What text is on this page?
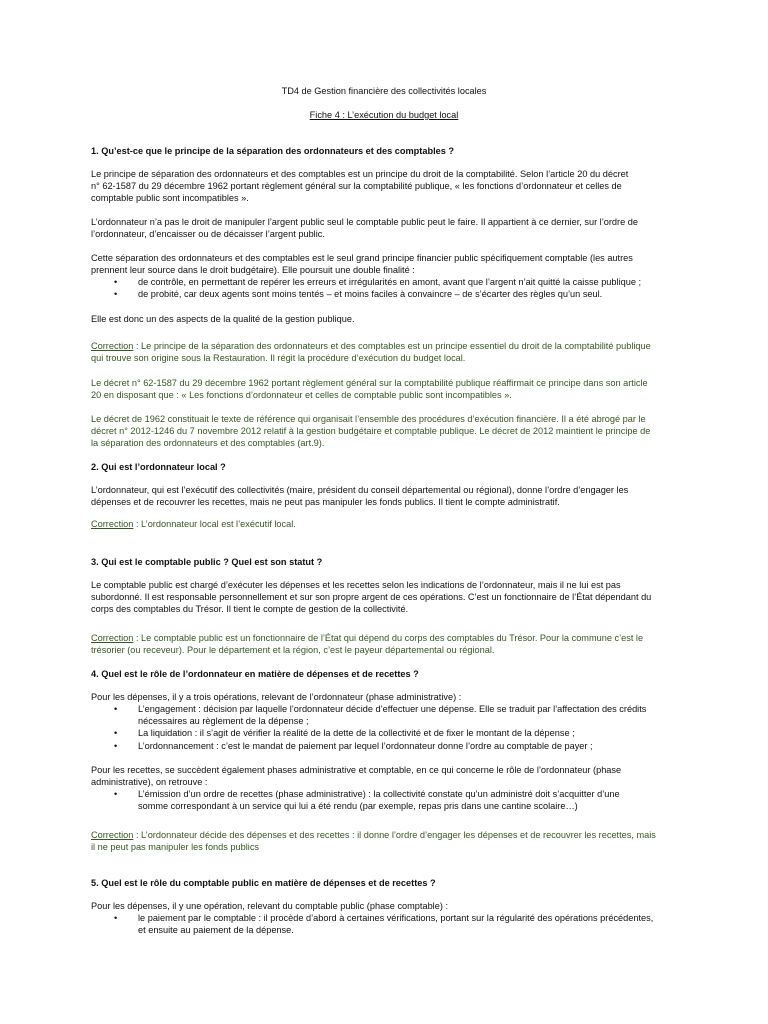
TD4 de Gestion financière des collectivités locales
Fiche 4 : L’exécution du budget local
1. Qu’est-ce que le principe de la séparation des ordonnateurs et des comptables ?
Le principe de séparation des ordonnateurs et des comptables est un principe du droit de la comptabilité. Selon l’article 20 du décret
n° 62-1587 du 29 décembre 1962 portant règlement général sur la comptabilité publique, « les fonctions d’ordonnateur et celles de
comptable public sont incompatibles ».
L’ordonnateur n’a pas le droit de manipuler l’argent public seul le comptable public peut le faire. Il appartient à ce dernier, sur l’ordre de
l’ordonnateur, d’encaisser ou de décaisser l’argent public.
Cette séparation des ordonnateurs et des comptables est le seul grand principe financier public spécifiquement comptable (les autres
prennent leur source dans le droit budgétaire). Elle poursuit une double finalité :
• de contrôle, en permettant de repérer les erreurs et irrégularités en amont, avant que l’argent n’ait quitté la caisse publique ;
• de probité, car deux agents sont moins tentés – et moins faciles à convaincre – de s’écarter des règles qu’un seul.
Elle est donc un des aspects de la qualité de la gestion publique.
Correction : Le principe de la séparation des ordonnateurs et des comptables est un principe essentiel du droit de la comptabilité publique
qui trouve son origine sous la Restauration. Il régit la procédure d’exécution du budget local.
Le décret n° 62-1587 du 29 décembre 1962 portant règlement général sur la comptabilité publique réaffirmait ce principe dans son article
20 en disposant que : « Les fonctions d’ordonnateur et celles de comptable public sont incompatibles ».
Le décret de 1962 constituait le texte de référence qui organisait l’ensemble des procédures d’exécution financière. Il a été abrogé par le
décret n° 2012-1246 du 7 novembre 2012 relatif à la gestion budgétaire et comptable publique. Le décret de 2012 maintient le principe de
la séparation des ordonnateurs et des comptables (art.9).
2. Qui est l’ordonnateur local ?
L’ordonnateur, qui est l’exécutif des collectivités (maire, président du conseil départemental ou régional), donne l’ordre d’engager les
dépenses et de recouvrer les recettes, mais ne peut pas manipuler les fonds publics. Il tient le compte administratif.
Correction : L’ordonnateur local est l’exécutif local.
3. Qui est le comptable public ? Quel est son statut ?
Le comptable public est chargé d’exécuter les dépenses et les recettes selon les indications de l’ordonnateur, mais il ne lui est pas
subordonné. Il est responsable personnellement et sur son propre argent de ces opérations. C’est un fonctionnaire de l’État dépendant du
corps des comptables du Trésor. Il tient le compte de gestion de la collectivité.
Correction : Le comptable public est un fonctionnaire de l’État qui dépend du corps des comptables du Trésor. Pour la commune c’est le
trésorier (ou receveur). Pour le département et la région, c’est le payeur départemental ou régional.
4. Quel est le rôle de l’ordonnateur en matière de dépenses et de recettes ?
Pour les dépenses, il y a trois opérations, relevant de l’ordonnateur (phase administrative) :
• L’engagement : décision par laquelle l’ordonnateur décide d’effectuer une dépense. Elle se traduit par l’affectation des crédits
nécessaires au règlement de la dépense ;
• La liquidation : il s’agit de vérifier la réalité de la dette de la collectivité et de fixer le montant de la dépense ;
• L’ordonnancement : c’est le mandat de paiement par lequel l’ordonnateur donne l’ordre au comptable de payer ;
Pour les recettes, se succèdent également phases administrative et comptable, en ce qui concerne le rôle de l’ordonnateur (phase
administrative), on retrouve :
• L’émission d’un ordre de recettes (phase administrative) : la collectivité constate qu’un administré doit s’acquitter d’une
somme correspondant à un service qui lui a été rendu (par exemple, repas pris dans une cantine scolaire…)
Correction : L’ordonnateur décide des dépenses et des recettes : il donne l’ordre d’engager les dépenses et de recouvrer les recettes, mais
il ne peut pas manipuler les fonds publics
5. Quel est le rôle du comptable public en matière de dépenses et de recettes ?
Pour les dépenses, il y une opération, relevant du comptable public (phase comptable) :
• le paiement par le comptable : il procède d’abord à certaines vérifications, portant sur la régularité des opérations précédentes,
et ensuite au paiement de la dépense.
